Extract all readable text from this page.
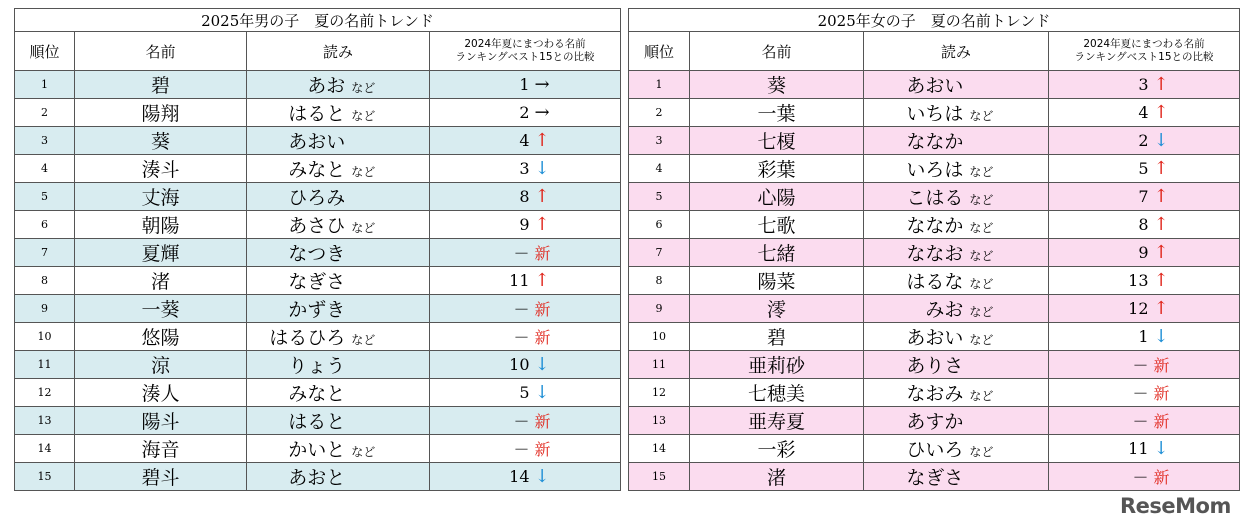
2025年男の子　夏の名前トレンド			
順位	名前	読み	2024年夏にまつわる名前
ランキングベスト15との比較
1	碧	あお など	1 →

2	陽翔	はると など	2 →

3	葵	あおい	4 ↑

4	湊斗	みなと など	3 ↓

5	丈海	ひろみ	8 ↑

6	朝陽	あさひ など	9 ↑

7	夏輝	なつき	－ 新

8	渚	なぎさ	11 ↑

9	一葵	かずき	－ 新

10	悠陽	はるひろ など	－ 新

11	涼	りょう	10 ↓

12	湊人	みなと	5 ↓

13	陽斗	はると	－ 新

14	海音	かいと など	－ 新

15	碧斗	あおと	14 ↓
2025年女の子　夏の名前トレンド			
順位	名前	読み	2024年夏にまつわる名前
ランキングベスト15との比較
1	葵	あおい	3 ↑

2	一葉	いちは など	4 ↑

3	七榎	ななか	2 ↓

4	彩葉	いろは など	5 ↑

5	心陽	こはる など	7 ↑

6	七歌	ななか など	8 ↑

7	七緒	ななお など	9 ↑

8	陽菜	はるな など	13 ↑

9	澪	みお など	12 ↑

10	碧	あおい など	1 ↓

11	亜莉砂	ありさ	－ 新

12	七穂美	なおみ など	－ 新

13	亜寿夏	あすか	－ 新

14	一彩	ひいろ など	11 ↓

15	渚	なぎさ	－ 新
ReseMom
